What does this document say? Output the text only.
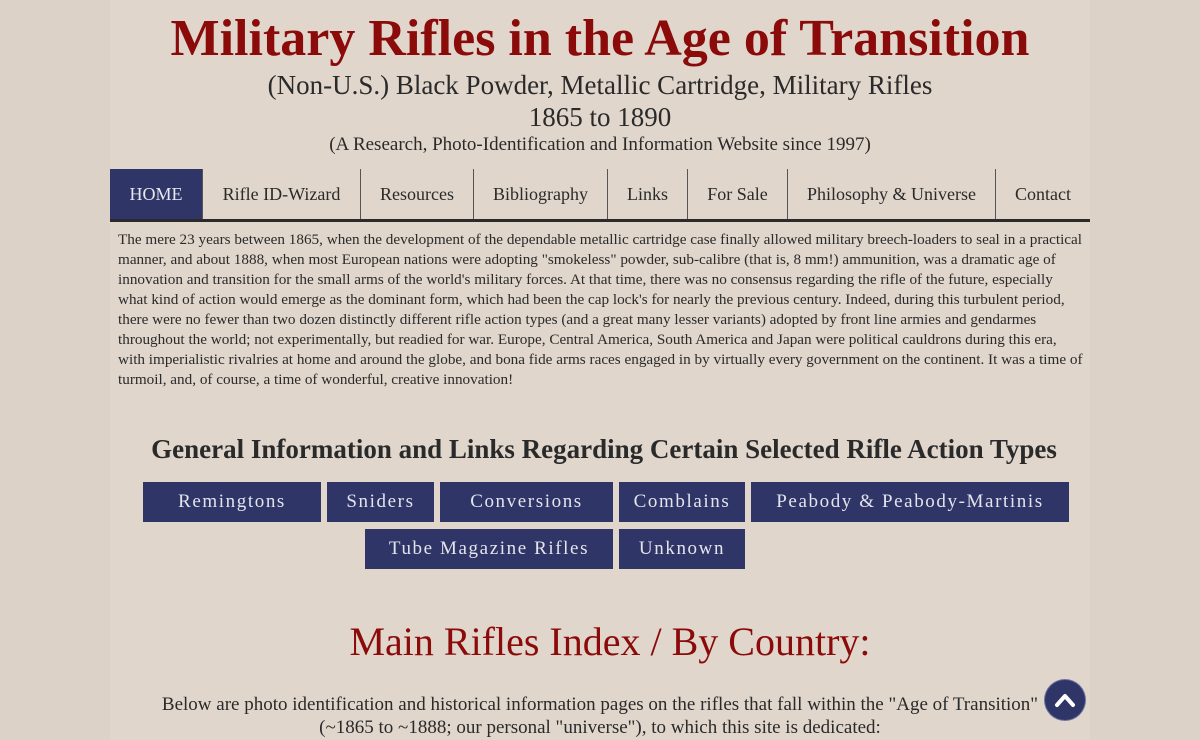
Military Rifles in the Age of Transition
(Non-U.S.) Black Powder, Metallic Cartridge, Military Rifles
1865 to 1890
(A Research, Photo-Identification and Information Website since 1997)
HOME	Rifle ID-Wizard	Resources	Bibliography	Links	For Sale	Philosophy & Universe	Contact

The mere 23 years between 1865, when the development of the dependable metallic cartridge case finally allowed military breech-loaders to seal in a practical manner, and about 1888, when most European nations were adopting "smokeless" powder, sub-calibre (that is, 8 mm!) ammunition, was a dramatic age of innovation and transition for the small arms of the world's military forces. At that time, there was no consensus regarding the rifle of the future, especially what kind of action would emerge as the dominant form, which had been the cap lock's for nearly the previous century. Indeed, during this turbulent period, there were no fewer than two dozen distinctly different rifle action types (and a great many lesser variants) adopted by front line armies and gendarmes throughout the world; not experimentally, but readied for war. Europe, Central America, South America and Japan were political cauldrons during this era, with imperialistic rivalries at home and around the globe, and bona fide arms races engaged in by virtually every government on the continent. It was a time of turmoil, and, of course, a time of wonderful, creative innovation!

General Information and Links Regarding Certain Selected Rifle Action Types
Remingtons	Sniders	Conversions	Comblains	Peabody & Peabody-Martinis
Tube Magazine Rifles	Unknown
Main Rifles Index / By Country:
Below are photo identification and historical information pages on the rifles that fall within the "Age of Transition"
(~1865 to ~1888; our personal "universe"), to which this site is dedicated:
